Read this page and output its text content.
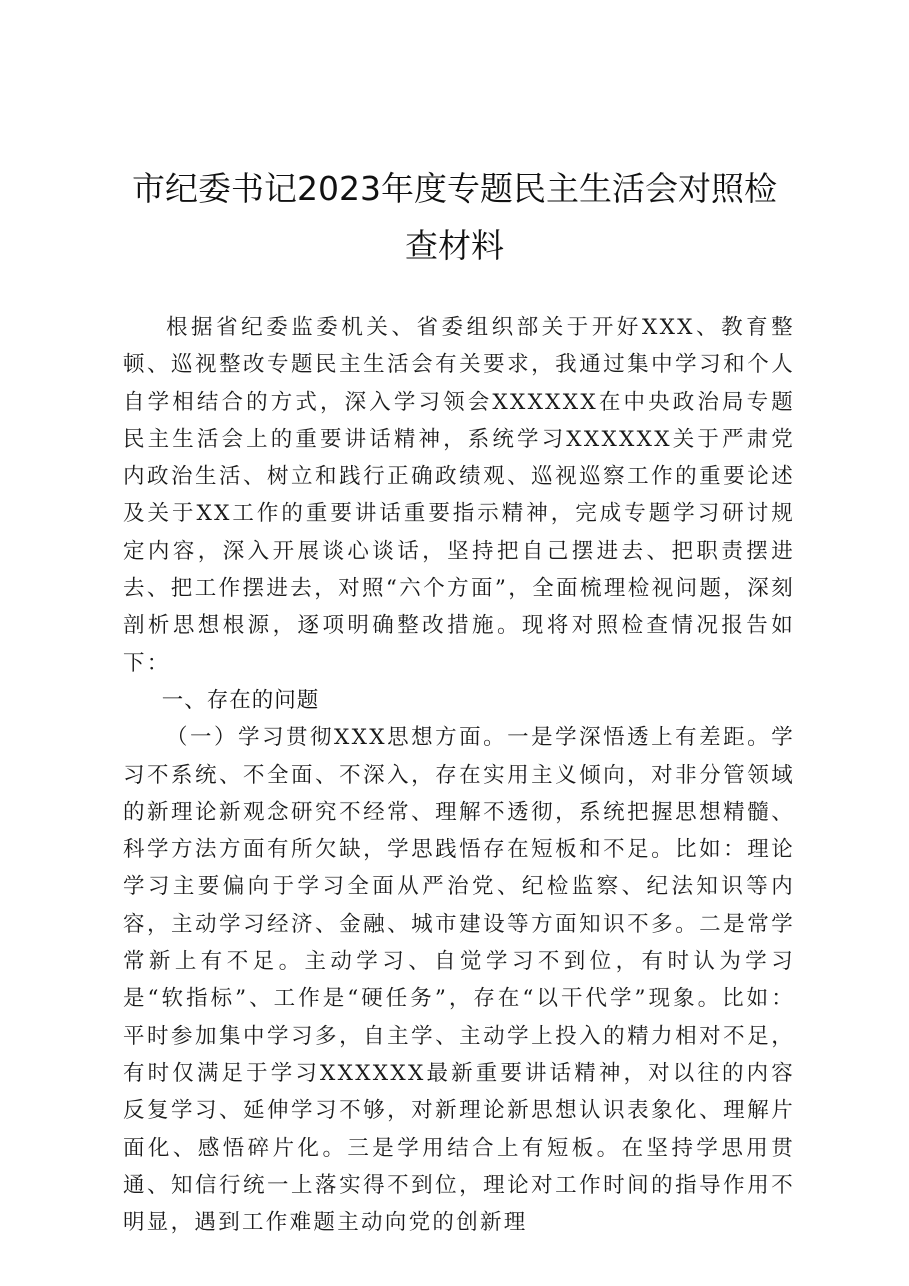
市纪委书记2023年度专题民主生活会对照检
查材料

根据省纪委监委机关、省委组织部关于开好XXX、教育整顿、巡视整改专题民主生活会有关要求，我通过集中学习和个人自学相结合的方式，深入学习领会XXXXXX在中央政治局专题民主生活会上的重要讲话精神，系统学习XXXXXX关于严肃党内政治生活、树立和践行正确政绩观、巡视巡察工作的重要论述及关于XX工作的重要讲话重要指示精神，完成专题学习研讨规定内容，深入开展谈心谈话，坚持把自己摆进去、把职责摆进去、把工作摆进去，对照“六个方面”，全面梳理检视问题，深刻剖析思想根源，逐项明确整改措施。现将对照检查情况报告如下：

一、存在的问题

（一）学习贯彻XXX思想方面。一是学深悟透上有差距。学习不系统、不全面、不深入，存在实用主义倾向，对非分管领域的新理论新观念研究不经常、理解不透彻，系统把握思想精髓、科学方法方面有所欠缺，学思践悟存在短板和不足。比如：理论学习主要偏向于学习全面从严治党、纪检监察、纪法知识等内容，主动学习经济、金融、城市建设等方面知识不多。二是常学常新上有不足。主动学习、自觉学习不到位，有时认为学习是“软指标”、工作是“硬任务”，存在“以干代学”现象。比如：平时参加集中学习多，自主学、主动学上投入的精力相对不足，有时仅满足于学习XXXXXX最新重要讲话精神，对以往的内容反复学习、延伸学习不够，对新理论新思想认识表象化、理解片面化、感悟碎片化。三是学用结合上有短板。在坚持学思用贯通、知信行统一上落实得不到位，理论对工作时间的指导作用不明显，遇到工作难题主动向党的创新理
